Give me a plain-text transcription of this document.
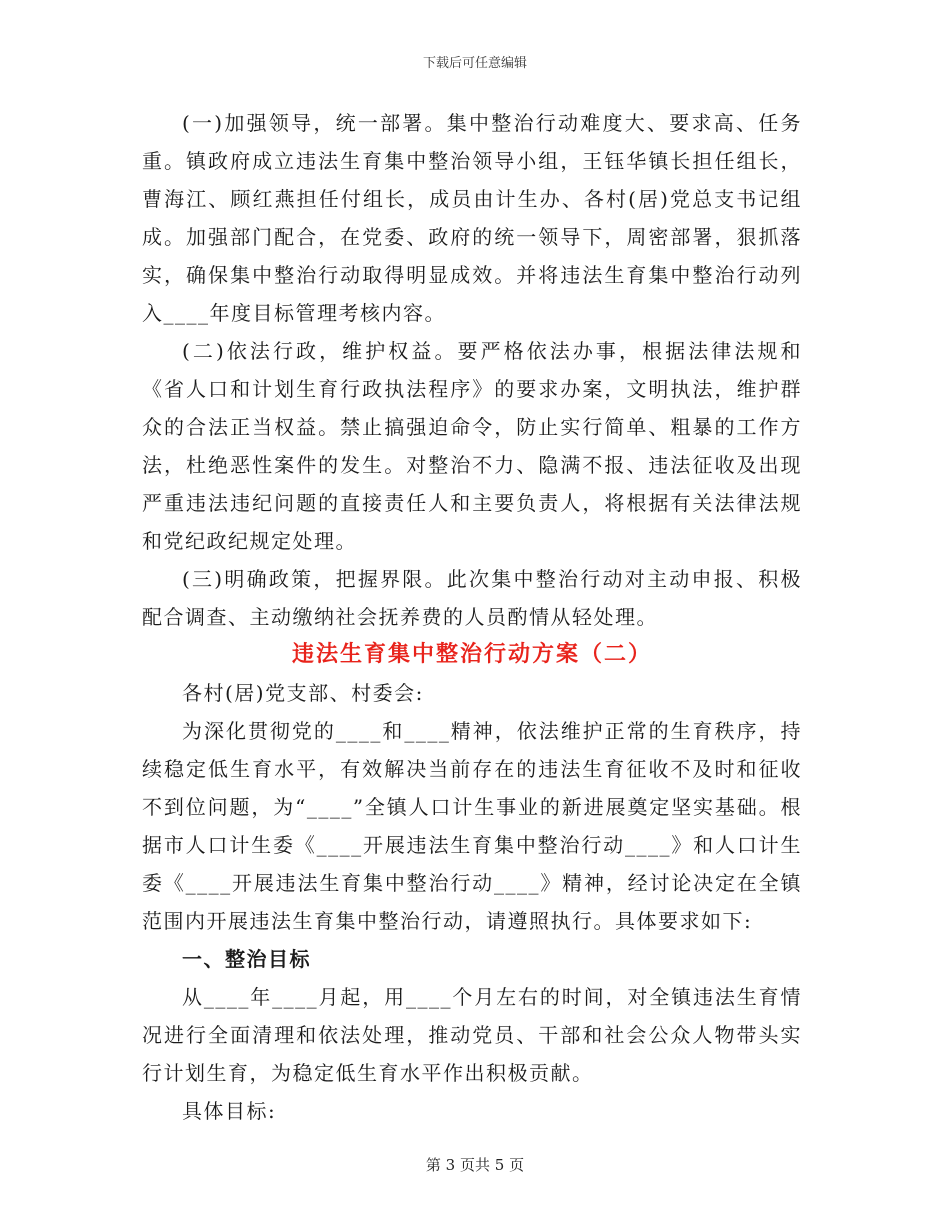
下载后可任意编辑

(一)加强领导，统一部署。集中整治行动难度大、要求高、任务重。镇政府成立违法生育集中整治领导小组，王钰华镇长担任组长，曹海江、顾红燕担任付组长，成员由计生办、各村(居)党总支书记组成。加强部门配合，在党委、政府的统一领导下，周密部署，狠抓落实，确保集中整治行动取得明显成效。并将违法生育集中整治行动列入____年度目标管理考核内容。

(二)依法行政，维护权益。要严格依法办事，根据法律法规和《省人口和计划生育行政执法程序》的要求办案，文明执法，维护群众的合法正当权益。禁止搞强迫命令，防止实行简单、粗暴的工作方法，杜绝恶性案件的发生。对整治不力、隐满不报、违法征收及出现严重违法违纪问题的直接责任人和主要负责人，将根据有关法律法规和党纪政纪规定处理。

(三)明确政策，把握界限。此次集中整治行动对主动申报、积极配合调查、主动缴纳社会抚养费的人员酌情从轻处理。

违法生育集中整治行动方案（二）

各村(居)党支部、村委会:

为深化贯彻党的____和____精神，依法维护正常的生育秩序，持续稳定低生育水平，有效解决当前存在的违法生育征收不及时和征收不到位问题，为“____”全镇人口计生事业的新进展奠定坚实基础。根据市人口计生委《____开展违法生育集中整治行动____》和人口计生委《____开展违法生育集中整治行动____》精神，经讨论决定在全镇范围内开展违法生育集中整治行动，请遵照执行。具体要求如下:

一、整治目标

从____年____月起，用____个月左右的时间，对全镇违法生育情况进行全面清理和依法处理，推动党员、干部和社会公众人物带头实行计划生育，为稳定低生育水平作出积极贡献。

具体目标:

第 3 页共 5 页
